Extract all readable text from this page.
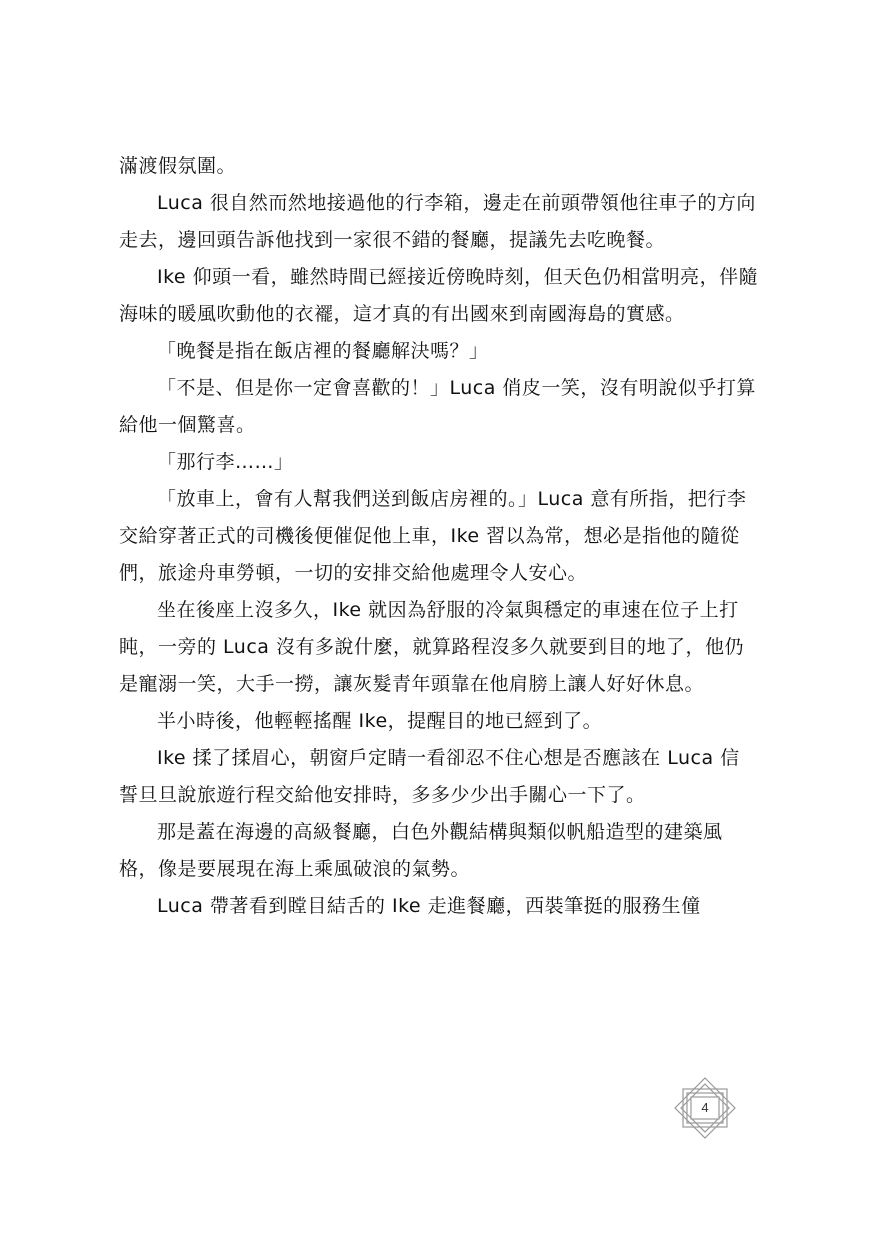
滿渡假氛圍。

Luca 很自然而然地接過他的行李箱，邊走在前頭帶領他往車子的方向走去，邊回頭告訴他找到一家很不錯的餐廳，提議先去吃晚餐。

Ike 仰頭一看，雖然時間已經接近傍晚時刻，但天色仍相當明亮，伴隨海味的暖風吹動他的衣襬，這才真的有出國來到南國海島的實感。

「晚餐是指在飯店裡的餐廳解決嗎？」

「不是、但是你一定會喜歡的！」Luca 俏皮一笑，沒有明說似乎打算給他一個驚喜。

「那行李……」

「放車上，會有人幫我們送到飯店房裡的。」Luca 意有所指，把行李交給穿著正式的司機後便催促他上車，Ike 習以為常，想必是指他的隨從們，旅途舟車勞頓，一切的安排交給他處理令人安心。

坐在後座上沒多久，Ike 就因為舒服的冷氣與穩定的車速在位子上打盹，一旁的 Luca 沒有多說什麼，就算路程沒多久就要到目的地了，他仍是寵溺一笑，大手一撈，讓灰髮青年頭靠在他肩膀上讓人好好休息。

半小時後，他輕輕搖醒 Ike，提醒目的地已經到了。

Ike 揉了揉眉心，朝窗戶定睛一看卻忍不住心想是否應該在 Luca 信誓旦旦說旅遊行程交給他安排時，多多少少出手關心一下了。

那是蓋在海邊的高級餐廳，白色外觀結構與類似帆船造型的建築風格，像是要展現在海上乘風破浪的氣勢。

Luca 帶著看到瞠目結舌的 Ike 走進餐廳，西裝筆挺的服務生僮

4
